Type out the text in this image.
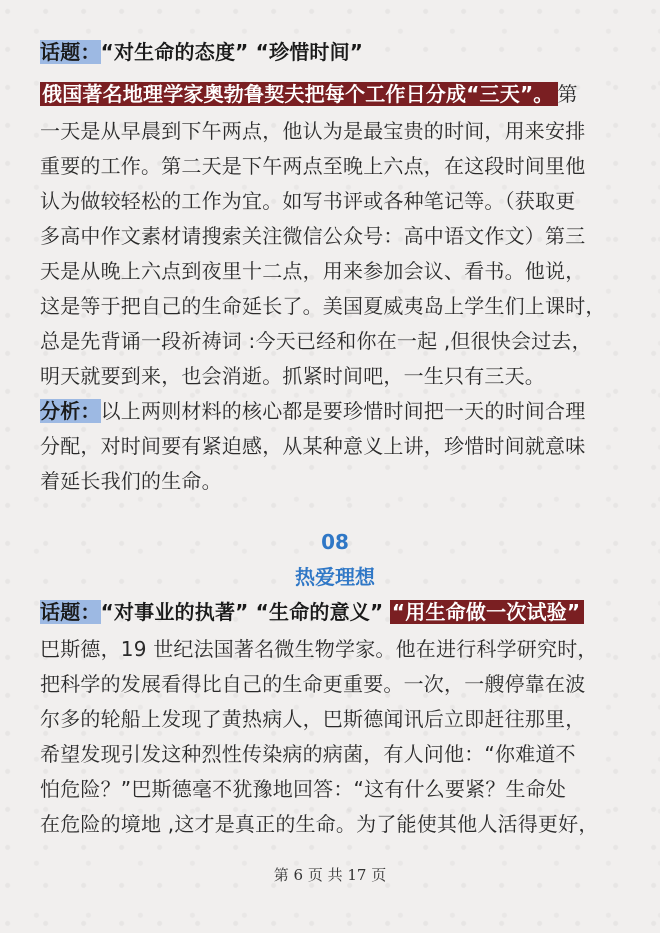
话题：“对生命的态度” “珍惜时间”
俄国著名地理学家奥勃鲁契夫把每个工作日分成“三天”。 第
一天是从早晨到下午两点，他认为是最宝贵的时间，用来安排
重要的工作。第二天是下午两点至晚上六点，在这段时间里他
认为做较轻松的工作为宜。如写书评或各种笔记等。（获取更
多高中作文素材请搜索关注微信公众号：高中语文作文）第三
天是从晚上六点到夜里十二点，用来参加会议、看书。他说，
这是等于把自己的生命延长了。美国夏威夷岛上学生们上课时，
总是先背诵一段祈祷词 :今天已经和你在一起 ,但很快会过去，
明天就要到来，也会消逝。抓紧时间吧，一生只有三天。
分析：以上两则材料的核心都是要珍惜时间把一天的时间合理
分配，对时间要有紧迫感，从某种意义上讲，珍惜时间就意味
着延长我们的生命。
08
热爱理想
话题：“对事业的执著” “生命的意义” “用生命做一次试验”
巴斯德，19 世纪法国著名微生物学家。他在进行科学研究时，
把科学的发展看得比自己的生命更重要。一次，一艘停靠在波
尔多的轮船上发现了黄热病人，巴斯德闻讯后立即赶往那里，
希望发现引发这种烈性传染病的病菌，有人问他：“你难道不
怕危险？”巴斯德毫不犹豫地回答：“这有什么要紧？生命处
在危险的境地 ,这才是真正的生命。为了能使其他人活得更好，
第 6 页 共 17 页
